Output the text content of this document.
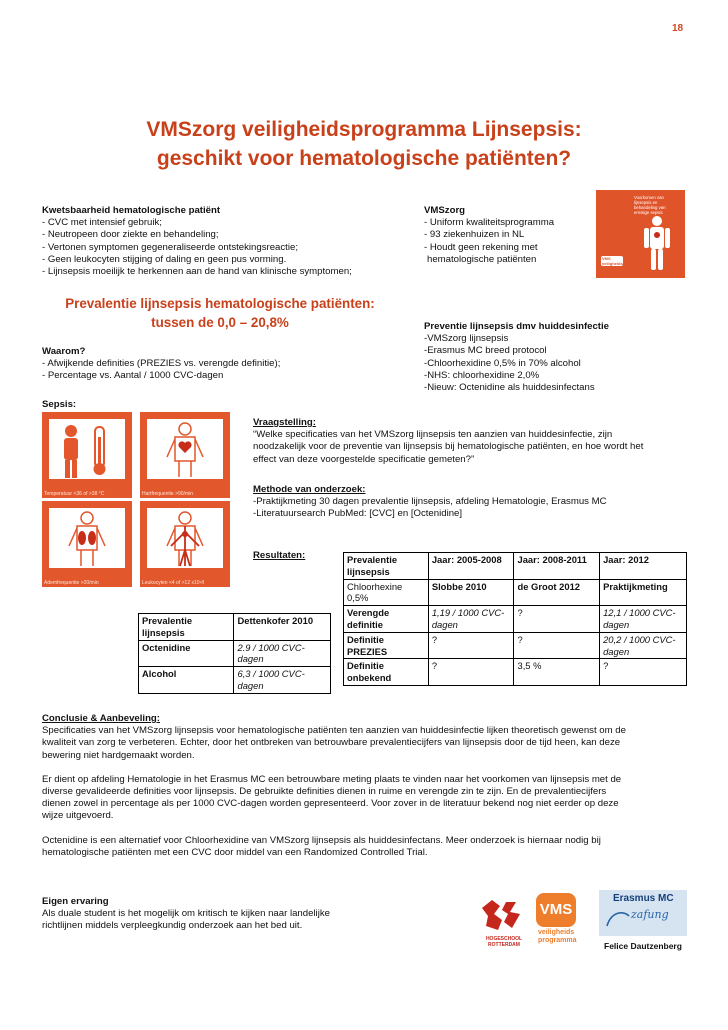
18
VMSzorg veiligheidsprogramma Lijnsepsis:
geschikt voor hematologische patiënten?
Kwetsbaarheid hematologische patiënt
- CVC met intensief gebruik;
- Neutropeen door ziekte en behandeling;
- Vertonen symptomen gegeneraliseerde ontstekingsreactie;
- Geen leukocyten stijging of daling en geen pus vorming.
- Lijnsepsis moeilijk te herkennen aan de hand van klinische symptomen;
VMSzorg
- Uniform kwaliteitsprogramma
- 93 ziekenhuizen in NL
- Houdt geen rekening met
hematologische patiënten
Voorkomen van lijnsepsis en behandeling van ernstige sepsis
VMS veiligheidsprogramma
Prevalentie lijnsepsis hematologische patiënten:
tussen de 0,0 – 20,8%	Preventie lijnsepsis dmv huiddesinfectie
-VMSzorg lijnsepsis
-Erasmus MC breed protocol
-Chloorhexidine 0,5% in 70% alcohol
-NHS: chloorhexidine 2,0%
-Nieuw: Octenidine als huiddesinfectans
Waarom?
- Afwijkende definities (PREZIES vs. verengde definitie);
- Percentage vs. Aantal / 1000 CVC-dagen
Sepsis:
Temperatuur <36 of >38 °C	Hartfrequentie >90/min
Ademfrequentie >20/min	Leukocyten <4 of >12 x10⁹/l
Vraagstelling:
“Welke specificaties van het VMSzorg lijnsepsis ten aanzien van huiddesinfectie, zijn
noodzakelijk voor de preventie van lijnsepsis bij hematologische patiënten, en hoe wordt het
effect van deze voorgestelde specificatie gemeten?”
Methode van onderzoek:
-Praktijkmeting 30 dagen prevalentie lijnsepsis, afdeling Hematologie, Erasmus MC
-Literatuursearch PubMed: [CVC] en [Octenidine]
Resultaten:	Prevalentie lijnsepsis	Jaar: 2005-2008	Jaar: 2008-2011	Jaar: 2012
Chloorhexine 0,5%	Slobbe 2010	de Groot 2012	Praktijkmeting
Verengde definitie	1,19 / 1000 CVC-dagen	?	12,1 / 1000 CVC-dagen
Definitie PREZIES	?	?	20,2 / 1000 CVC-dagen
Definitie onbekend	?	3,5 %	?
Prevalentie lijnsepsis	Dettenkofer 2010
Octenidine	2.9 / 1000 CVC-dagen
Alcohol	6,3 / 1000 CVC-dagen
Conclusie & Aanbeveling:

Specificaties van het VMSzorg lijnsepsis voor hematologische patiënten ten aanzien van huiddesinfectie lijken theoretisch gewenst om de
kwaliteit van zorg te verbeteren. Echter, door het ontbreken van betrouwbare prevalentiecijfers van lijnsepsis door de tijd heen, kan deze
bewering niet hardgemaakt worden.

Er dient op afdeling Hematologie in het Erasmus MC een betrouwbare meting plaats te vinden naar het voorkomen van lijnsepsis met de
diverse gevalideerde definities voor lijnsepsis. De gebruikte definities dienen in ruime en verengde zin te zijn. En de prevalentiecijfers
dienen zowel in percentage als per 1000 CVC-dagen worden gepresenteerd. Voor zover in de literatuur bekend nog niet eerder op deze
wijze uitgevoerd.

Octenidine is een alternatief voor Chloorhexidine van VMSzorg lijnsepsis als huiddesinfectans. Meer onderzoek is hiernaar nodig bij
hematologische patiënten met een CVC door middel van een Randomized Controlled Trial.

Eigen ervaring
Als duale student is het mogelijk om kritisch te kijken naar landelijke
richtlijnen middels verpleegkundig onderzoek aan het bed uit.
HOGESCHOOL
ROTTERDAM
VMS
veiligheids
programma
Erasmus MC
zafung
Felice Dautzenberg
